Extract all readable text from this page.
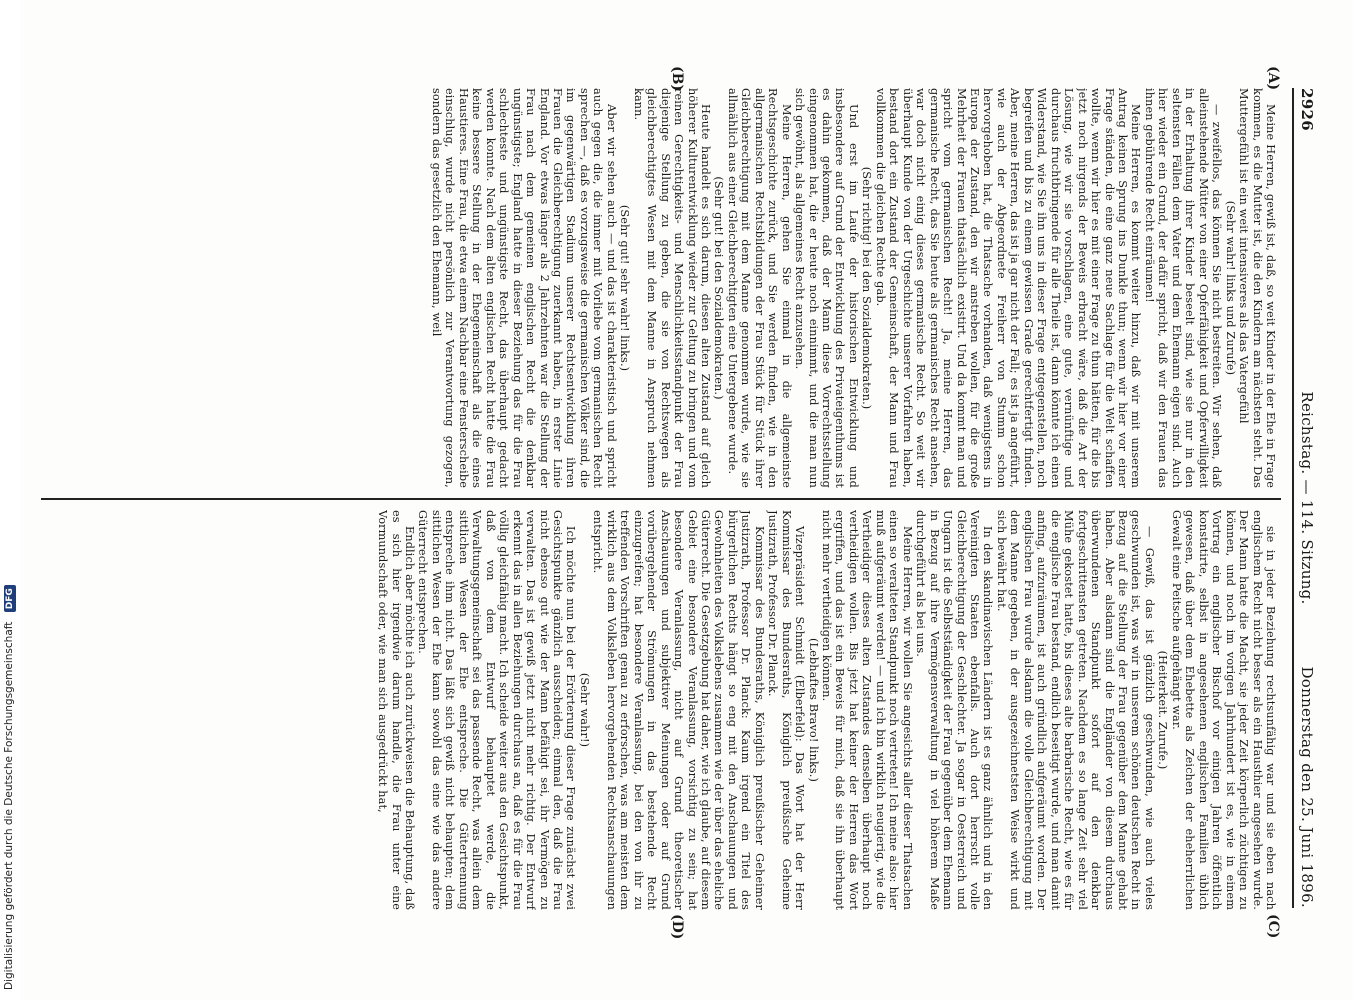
Digitalisierung gefördert durch die Deutsche Forschungsgemeinschaft DFG
2926
Reichstag. — 114. Sitzung.
Donnerstag den 25. Juni 1896.
(A)
(B)
(C)
(D)

Meine Herren, gewiß ist, daß, so weit Kinder in der Ehe in Frage kommen, es die Mutter ist, die den Kindern am nächsten steht. Das Muttergefühl ist ein weit intensiveres als das Vatergefühl

(Sehr wahr! links und Zurufe)

— zweifellos, das können Sie nicht bestreiten. Wir sehen, daß alleinstehende Mütter von einer Opferfähigkeit und Opferwilligkeit in der Erhaltung ihrer Kinder beseelt sind, wie sie nur in den seltensten Fällen dem Vater und dem Ehemann eigen sind. Auch hier wieder ein Grund, der dafür spricht, daß wir den Frauen das ihnen gebührende Recht einräumen!

Meine Herren, es kommt weiter hinzu, daß wir mit unserem Antrag keinen Sprung ins Dunkle thun; wenn wir hier vor einer Frage ständen, die eine ganz neue Sachlage für die Welt schaffen wollte, wenn wir hier es mit einer Frage zu thun hätten, für die bis jetzt noch nirgends der Beweis erbracht wäre, daß die Art der Lösung, wie wir sie vorschlagen, eine gute, vernünftige und durchaus fruchtbringende für alle Theile ist, dann könnte ich einen Widerstand, wie Sie ihn uns in dieser Frage entgegenstellen, noch begreifen und bis zu einem gewissen Grade gerechtfertigt finden. Aber, meine Herren, das ist ja gar nicht der Fall; es ist ja angeführt, wie auch der Abgeordnete Freiherr von Stumm schon hervorgehoben hat, die Thatsache vorhanden, daß wenigstens in Europa der Zustand, den wir anstreben wollen, für die große Mehrheit der Frauen thatsächlich existirt. Und da kommt man und spricht vom germanischen Recht! Ja, meine Herren, das germanische Recht, das Sie heute als germanisches Recht ansehen, war doch nicht einig dieses germanische Recht. So weit wir überhaupt Kunde von der Urgeschichte unserer Vorfahren haben, bestand dort ein Zustand der Gemeinschaft, der Mann und Frau vollkommen die gleichen Rechte gab.

(Sehr richtig! bei den Sozialdemokraten.)

Und erst im Laufe der historischen Entwicklung und insbesondere auf Grund der Entwicklung des Privateigenthums ist es dahin gekommen, daß der Mann diese Vorrechtsstellung eingenommen hat, die er heute noch einnimmt, und die man nun sich gewöhnt, als allgemeines Recht anzusehen.

Meine Herren, gehen Sie einmal in die allgemeinste Rechtsgeschichte zurück, und Sie werden finden, wie in den allgermanischen Rechtsbildungen der Frau Stück für Stück ihrer Gleichberechtigung mit dem Manne genommen wurde, wie sie allmählich aus einer Gleichberechtigten eine Untergebene wurde.

(Sehr gut! bei den Sozialdemokraten.)

Heute handelt es sich darum, diesen alten Zustand auf gleich höherer Kulturentwicklung wieder zur Geltung zu bringen und vom reinen Gerechtigkeits- und Menschlichkeitsstandpunkt der Frau diejenige Stellung zu geben, die sie von Rechtswegen als gleichberechtigtes Wesen mit dem Manne in Anspruch nehmen kann.

(Sehr gut! sehr wahr! links.)

Aber wir sehen auch — und das ist charakteristisch und spricht auch gegen die, die immer mit Vorliebe vom germanischen Recht sprechen —, daß es vorzugsweise die germanischen Völker sind, die im gegenwärtigen Stadium unserer Rechtsentwicklung ihren Frauen die Gleichberechtigung zuerkannt haben, in erster Linie England. Vor etwas länger als 2 Jahrzehnten war die Stellung der Frau nach dem gemeinen englischen Recht die denkbar ungünstigste; England hatte in dieser Beziehung das für die Frau schlechteste und ungünstigste Recht, das überhaupt gedacht werden konnte. Nach dem alten englischen Recht hatte die Frau keine bessere Stellung in der Ehegemeinschaft als die eines Haustieres. Eine Frau, die etwa einem Nachbar eine Fensterscheibe einschlug, wurde nicht persönlich zur Verantwortung gezogen, sondern das gesetzlich den Ehemann, weil

sie in jeder Beziehung rechtsunfähig war und sie eben nach englischem Recht nicht besser als ein Hausthier angesehen wurde. Der Mann hatte die Macht, sie jeder Zeit körperlich züchtigen zu können, und noch im vorigen Jahrhundert ist es, wie in einem Vortrag ein englischer Bischof vor einigen Jahren öffentlich konstatirte, selbst in angesehenen englischen Familien üblich gewesen, daß über dem Ehebette als Zeichen der eheherrlichen Gewalt eine Peitsche aufgehängt war.

(Heiterkeit. Zurufe.)

— Gewiß, das ist gänzlich geschwunden, wie auch vieles geschwunden ist, was wir in unserem schönen deutschen Recht in Bezug auf die Stellung der Frau gegenüber dem Manne gehabt haben. Aber alsdann sind die Engländer von diesem durchaus überwundenen Standpunkt sofort auf den denkbar fortgeschrittensten getreten. Nachdem es so lange Zeit sehr viel Mühe gekostet hatte, bis dieses alte barbarische Recht, wie es für die englische Frau bestand, endlich beseitigt wurde, und man damit anfing, aufzuräumen, ist auch gründlich aufgeräumt worden. Der englischen Frau wurde alsdann die volle Gleichberechtigung mit dem Manne gegeben, in der ausgezeichnetsten Weise wirkt und sich bewährt hat.

In den skandinavischen Ländern ist es ganz ähnlich und in den Vereinigten Staaten ebenfalls. Auch dort herrscht volle Gleichberechtigung der Geschlechter. Ja sogar in Oesterreich und Ungarn ist die Selbstständigkeit der Frau gegenüber dem Ehemann in Bezug auf ihre Vermögensverwaltung in viel höherem Maße durchgeführt als bei uns.

Meine Herren, wir wollen Sie angesichts aller dieser Thatsachen einen so veralteten Standpunkt noch vertreten! Ich meine also: hier muß aufgeräumt werden! — und ich bin wirklich neugierig, wie die Vertheidiger dieses alten Zustandes denselben überhaupt noch vertheidigen wollen. Bis jetzt hat keiner der Herren das Wort ergriffen, und das ist ein Beweis für mich, daß sie ihn überhaupt nicht mehr vertheidigen können.

(Lebhaftes Bravo! links.)

Vizepräsident Schmidt (Elberfeld): Das Wort hat der Herr Kommissar des Bundesraths, Königlich preußische Geheime Justizrath, Professor Dr. Planck.

Kommissar des Bundesraths, Königlich preußischer Geheimer Justizrath, Professor Dr. Planck: Kaum irgend ein Titel des bürgerlichen Rechts hängt so eng mit den Anschauungen und Gewohnheiten des Volkslebens zusammen wie der über das eheliche Güterrecht. Die Gesetzgebung hat daher, wie ich glaube, auf diesem Gebiet eine besondere Veranlassung, vorsichtig zu sein; hat besondere Veranlassung, nicht auf Grund theoretischer Anschauungen und subjektiver Meinungen oder auf Grund vorübergehender Strömungen in das bestehende Recht einzugreifen; hat besondere Veranlassung, bei den von ihr zu treffenden Vorschriften genau zu erforschen, was am meisten dem wirklich aus dem Volksleben hervorgehenden Rechtsanschauungen entspricht.

(Sehr wahr!)

Ich möchte nun bei der Erörterung dieser Frage zunächst zwei Gesichtspunkte gänzlich ausscheiden; einmal den, daß die Frau nicht ebenso gut wie der Mann befähigt sei, ihr Vermögen zu verwalten. Das ist gewiß jetzt nicht mehr richtig. Der Entwurf erkennt das in allen Beziehungen durchaus an, daß es für die Frau völlig gleichfähig macht. Ich scheide weiter aus den Gesichtspunkt, daß von dem Entwurf behauptet werde, die Verwaltungsgemeinschaft sei das passende Recht, was allein dem sittlichen Wesen der Ehe entspreche. Die Gütertrennung entspreche ihm nicht. Das läßt sich gewiß nicht behaupten; dem sittlichen Wesen der Ehe kann sowohl das eine wie das andere Güterrecht entsprechen.

Endlich aber möchte ich auch zurückweisen die Behauptung, daß es sich hier irgendwie darum handle, die Frau unter eine Vormundschaft oder, wie man sich ausgedrückt hat,
